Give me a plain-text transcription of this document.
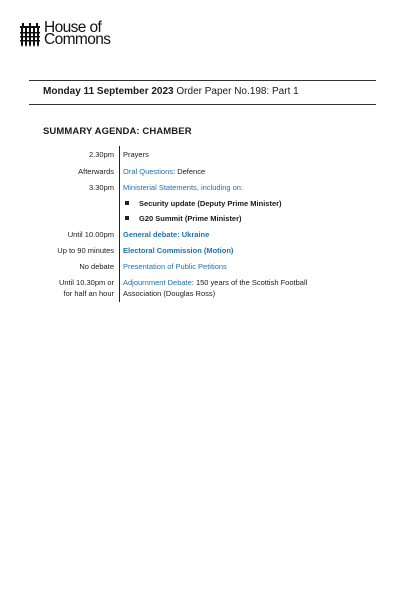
House of
Commons
Monday 11 September 2023 Order Paper No.198: Part 1
SUMMARY AGENDA: CHAMBER
2.30pm Prayers
Afterwards Oral Questions: Defence
3.30pm Ministerial Statements, including on:
Security update (Deputy Prime Minister)
G20 Summit (Prime Minister)
Until 10.00pm General debate: Ukraine
Up to 90 minutes Electoral Commission (Motion)
No debate Presentation of Public Petitions
Until 10.30pm or
for half an hour
Adjournment Debate: 150 years of the Scottish Football
Association (Douglas Ross)
